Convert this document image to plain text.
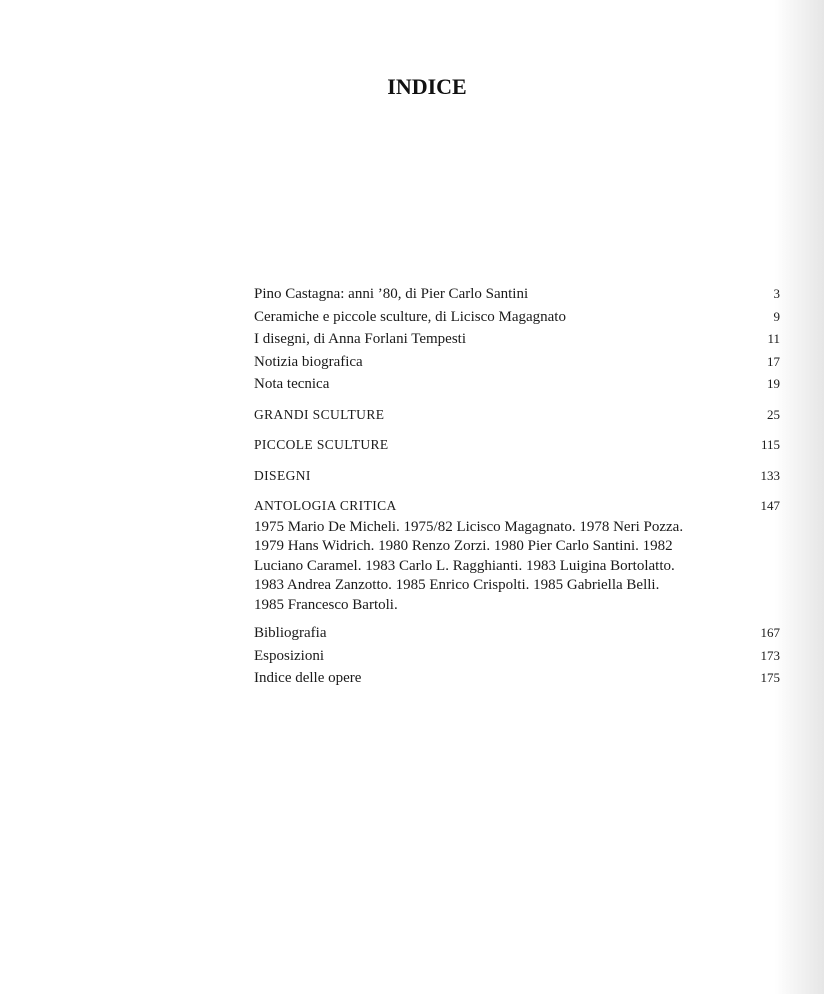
INDICE
Pino Castagna: anni ’80, di Pier Carlo Santini	3
Ceramiche e piccole sculture, di Licisco Magagnato	9
I disegni, di Anna Forlani Tempesti	11
Notizia biografica	17
Nota tecnica	19
GRANDI SCULTURE	25
PICCOLE SCULTURE	115
DISEGNI	133
ANTOLOGIA CRITICA	147
1975 Mario De Micheli. 1975/82 Licisco Magagnato. 1978 Neri Pozza.
1979 Hans Widrich. 1980 Renzo Zorzi. 1980 Pier Carlo Santini. 1982
Luciano Caramel. 1983 Carlo L. Ragghianti. 1983 Luigina Bortolatto.
1983 Andrea Zanzotto. 1985 Enrico Crispolti. 1985 Gabriella Belli.
1985 Francesco Bartoli.
Bibliografia	167
Esposizioni	173
Indice delle opere	175
